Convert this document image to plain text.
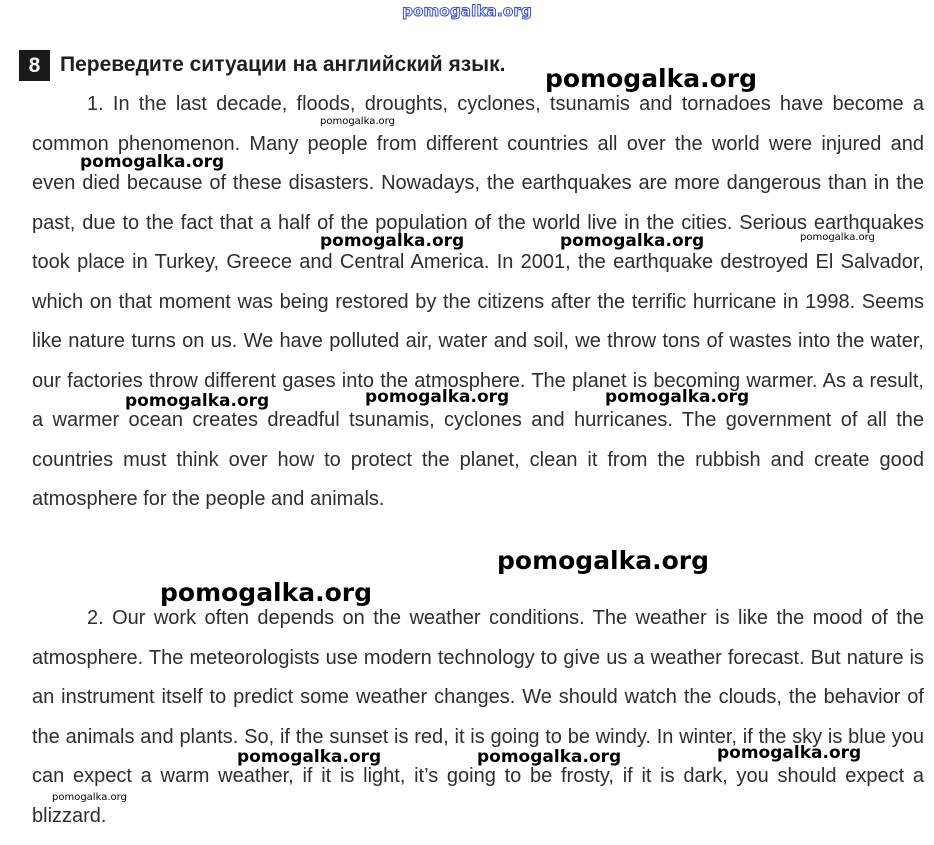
pomogalka.org
8 Переведите ситуации на английский язык.

1. In the last decade, floods, droughts, cyclones, tsunamis and tornadoes have become a common phenomenon. Many people from different countries all over the world were injured and even died because of these disasters. Nowadays, the earthquakes are more dangerous than in the past, due to the fact that a half of the population of the world live in the cities. Serious earthquakes took place in Turkey, Greece and Central America. In 2001, the earthquake destroyed El Salvador, which on that moment was being restored by the citizens after the terrific hurricane in 1998. Seems like nature turns on us. We have polluted air, water and soil, we throw tons of wastes into the water, our factories throw different gases into the atmosphere. The planet is becoming warmer. As a result, a warmer ocean creates dreadful tsunamis, cyclones and hurricanes. The government of all the countries must think over how to protect the planet, clean it from the rubbish and create good atmosphere for the people and animals.

2. Our work often depends on the weather conditions. The weather is like the mood of the atmosphere. The meteorologists use modern technology to give us a weather forecast. But nature is an instrument itself to predict some weather changes. We should watch the clouds, the behavior of the animals and plants. So, if the sunset is red, it is going to be windy. In winter, if the sky is blue you can expect a warm weather, if it is light, it’s going to be frosty, if it is dark, you should expect a blizzard.

pomogalka.org
pomogalka.org
pomogalka.org
pomogalka.org	pomogalka.org	pomogalka.org
pomogalka.org	pomogalka.org	pomogalka.org
pomogalka.org
pomogalka.org
pomogalka.org	pomogalka.org	pomogalka.org
pomogalka.org
